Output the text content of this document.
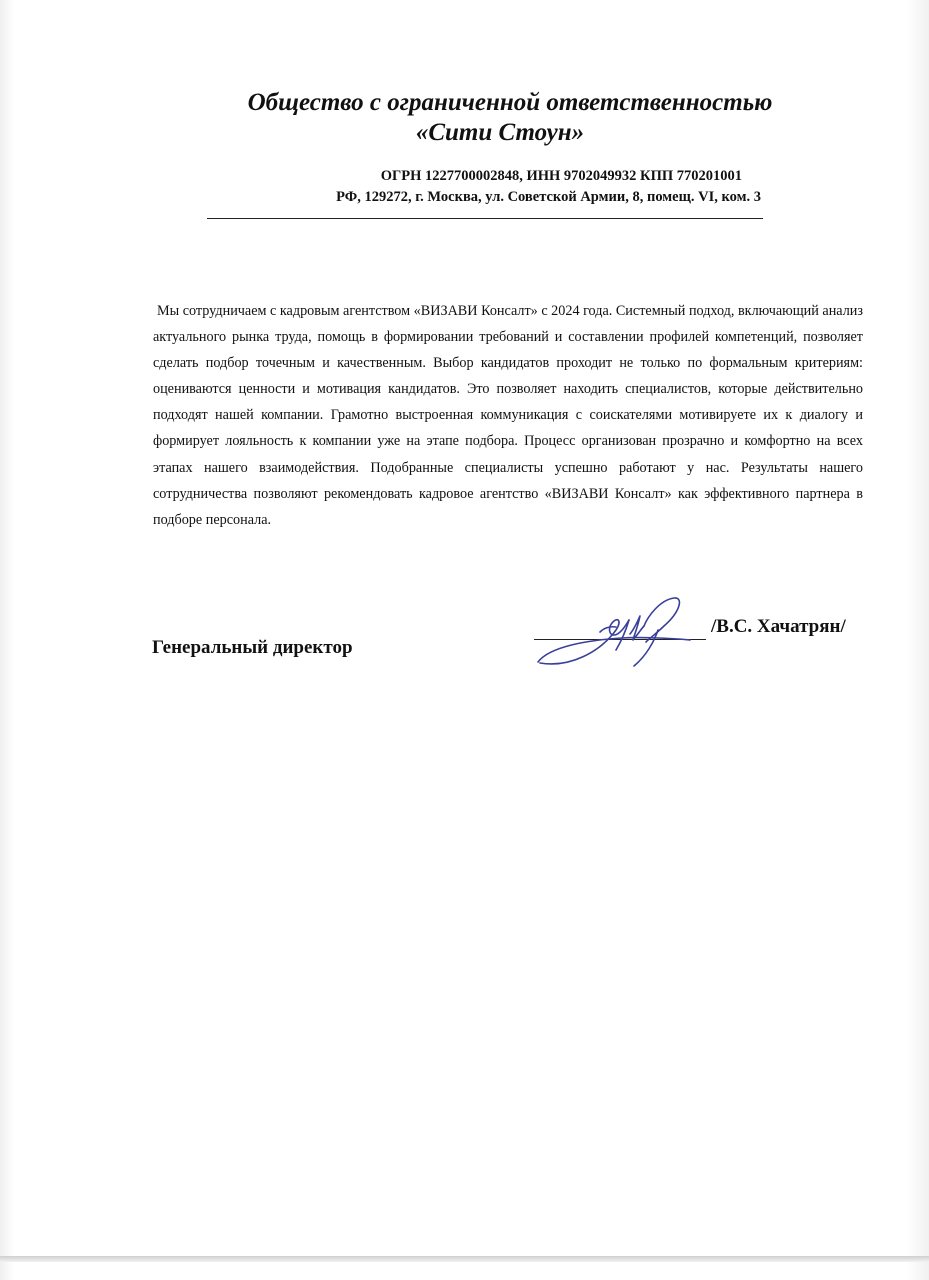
Общество с ограниченной ответственностью

«Сити Стоун»

ОГРН 1227700002848, ИНН 9702049932 КПП 770201001
РФ, 129272, г. Москва, ул. Советской Армии, 8, помещ. VI, ком. 3

Мы сотрудничаем с кадровым агентством «ВИЗАВИ Консалт» с 2024 года. Системный подход, включающий анализ актуального рынка труда, помощь в формировании требований и составлении профилей компетенций, позволяет сделать подбор точечным и качественным. Выбор кандидатов проходит не только по формальным критериям: оцениваются ценности и мотивация кандидатов. Это позволяет находить специалистов, которые действительно подходят нашей компании. Грамотно выстроенная коммуникация с соискателями мотивируете их к диалогу и формирует лояльность к компании уже на этапе подбора. Процесс организован прозрачно и комфортно на всех этапах нашего взаимодействия. Подобранные специалисты успешно работают у нас. Результаты нашего сотрудничества позволяют рекомендовать кадровое агентство «ВИЗАВИ Консалт» как эффективного партнера в подборе персонала.

Генеральный директор
/В.С. Хачатрян/
